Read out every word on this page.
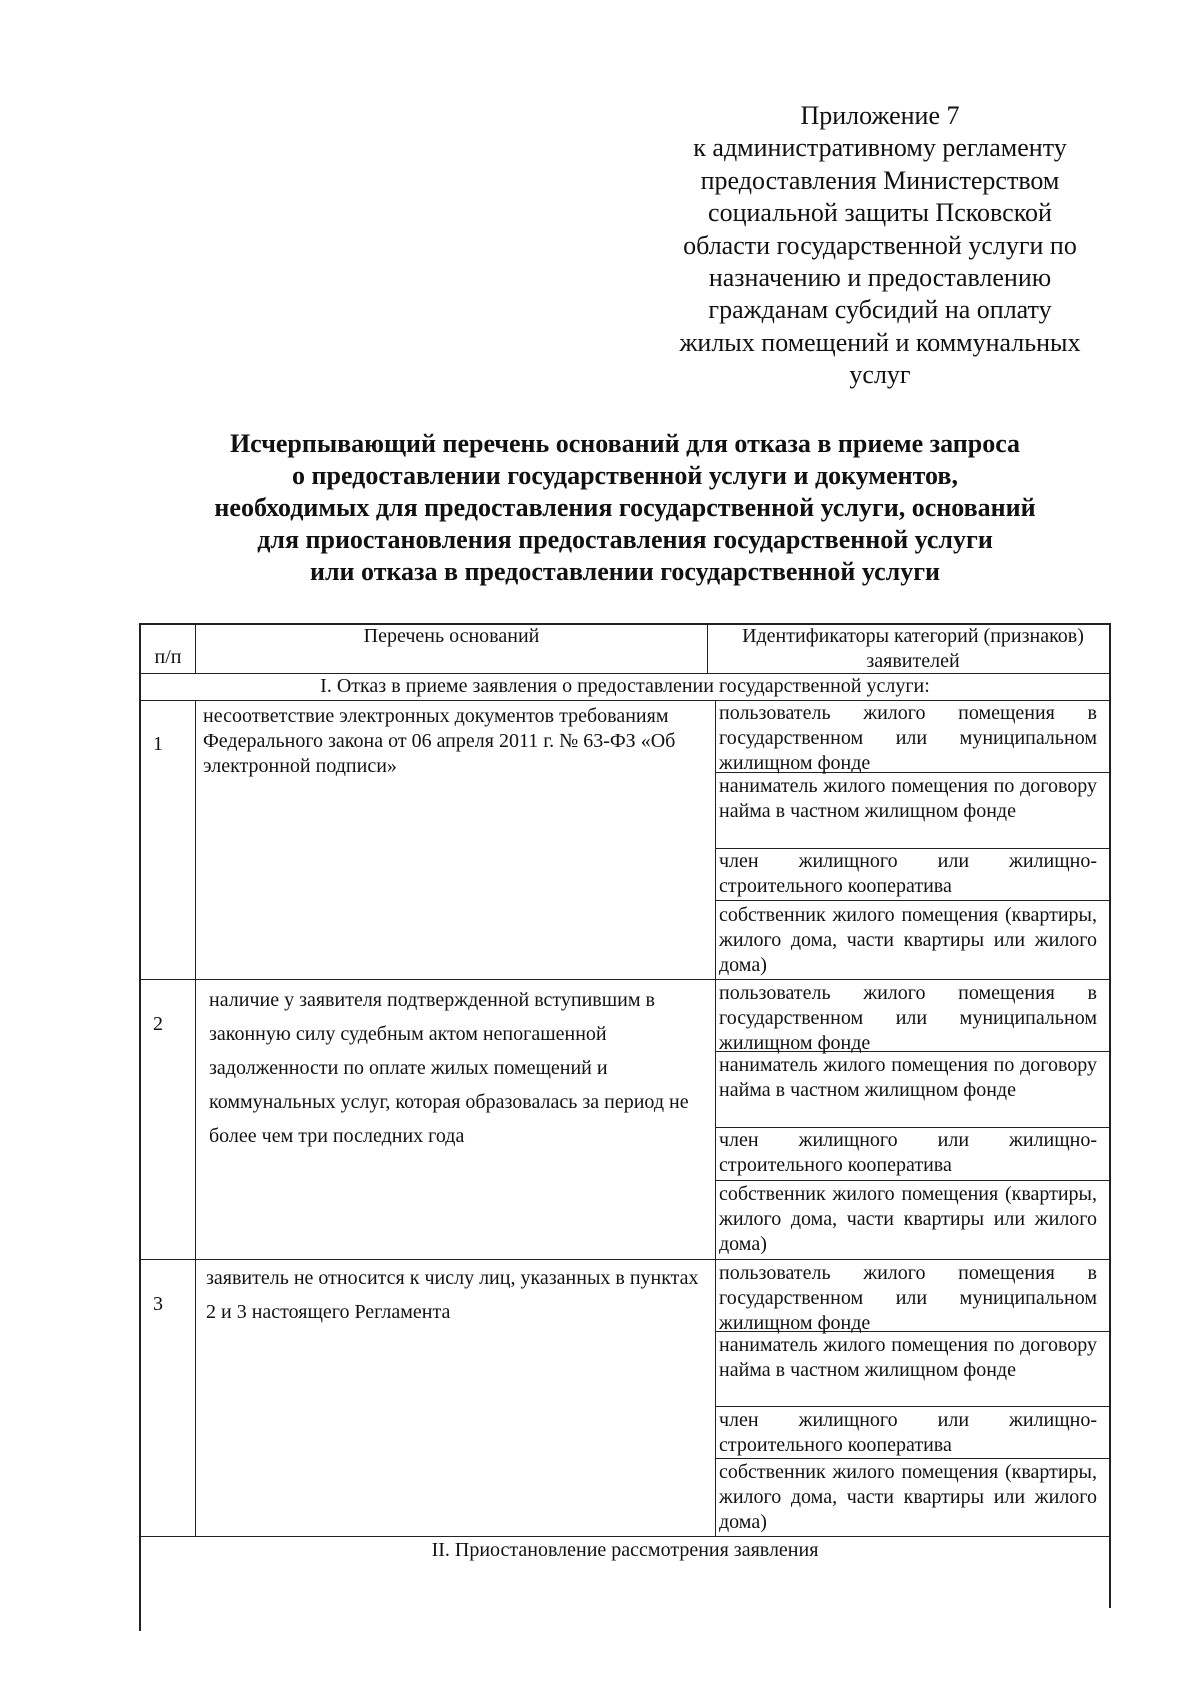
Приложение 7
к административному регламенту
предоставления Министерством
социальной защиты Псковской
области государственной услуги по
назначению и предоставлению
гражданам субсидий на оплату
жилых помещений и коммунальных
услуг
Исчерпывающий перечень оснований для отказа в приеме запроса
о предоставлении государственной услуги и документов,
необходимых для предоставления государственной услуги, оснований
для приостановления предоставления государственной услуги
или отказа в предоставлении государственной услуги
п/п
Перечень оснований	Идентификаторы категорий (признаков) заявителей
I. Отказ в приеме заявления о предоставлении государственной услуги:
1
несоответствие электронных документов требованиям Федерального закона от 06 апреля 2011 г. № 63-ФЗ «Об электронной подписи»
пользователь жилого помещения в государственном или муниципальном жилищном фонде
наниматель жилого помещения по договору найма в частном жилищном фонде
член жилищного или жилищно-строительного кооператива
собственник жилого помещения (квартиры, жилого дома, части квартиры или жилого дома)
2
наличие у заявителя подтвержденной вступившим в законную силу судебным актом непогашенной задолженности по оплате жилых помещений и коммунальных услуг, которая образовалась за период не более чем три последних года
пользователь жилого помещения в государственном или муниципальном жилищном фонде
наниматель жилого помещения по договору найма в частном жилищном фонде
член жилищного или жилищно-строительного кооператива
собственник жилого помещения (квартиры, жилого дома, части квартиры или жилого дома)
3
заявитель не относится к числу лиц, указанных в пунктах 2 и 3 настоящего Регламента
пользователь жилого помещения в государственном или муниципальном жилищном фонде
наниматель жилого помещения по договору найма в частном жилищном фонде
член жилищного или жилищно-строительного кооператива
собственник жилого помещения (квартиры, жилого дома, части квартиры или жилого дома)
II. Приостановление рассмотрения заявления
